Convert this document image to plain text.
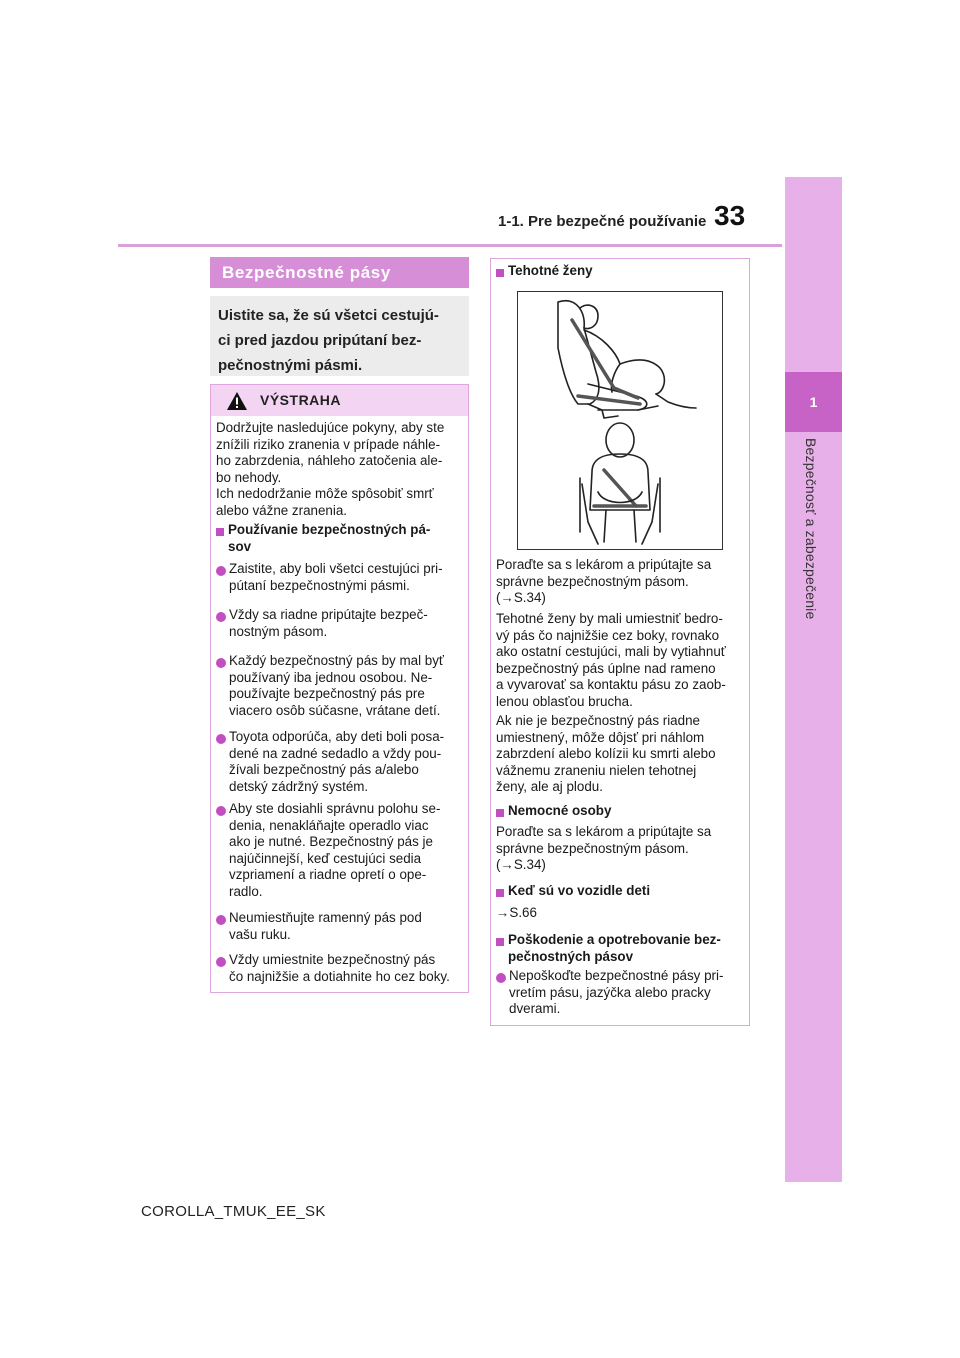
1-1. Pre bezpečné používanie 33
1
Bezpečnosť a zabezpečenie
Bezpečnostné pásy
Uistite sa, že sú všetci cestujú-
ci pred jazdou pripútaní bez-
pečnostnými pásmi.
VÝSTRAHA
Dodržujte nasledujúce pokyny, aby ste
znížili riziko zranenia v prípade náhle-
ho zabrzdenia, náhleho zatočenia ale-
bo nehody.
Ich nedodržanie môže spôsobiť smrť
alebo vážne zranenia.
Používanie bezpečnostných pá-
sov
Zaistite, aby boli všetci cestujúci pri-
pútaní bezpečnostnými pásmi.
Vždy sa riadne pripútajte bezpeč-
nostným pásom.
Každý bezpečnostný pás by mal byť
používaný iba jednou osobou. Ne-
používajte bezpečnostný pás pre
viacero osôb súčasne, vrátane detí.
Toyota odporúča, aby deti boli posa-
dené na zadné sedadlo a vždy pou-
žívali bezpečnostný pás a/alebo
detský zádržný systém.
Aby ste dosiahli správnu polohu se-
denia, nenakláňajte operadlo viac
ako je nutné. Bezpečnostný pás je
najúčinnejší, keď cestujúci sedia
vzpriamení a riadne opretí o ope-
radlo.
Neumiestňujte ramenný pás pod
vašu ruku.
Vždy umiestnite bezpečnostný pás
čo najnižšie a dotiahnite ho cez boky.
Tehotné ženy
Poraďte sa s lekárom a pripútajte sa
správne bezpečnostným pásom.
(→S.34)
Tehotné ženy by mali umiestniť bedro-
vý pás čo najnižšie cez boky, rovnako
ako ostatní cestujúci, mali by vytiahnuť
bezpečnostný pás úplne nad rameno
a vyvarovať sa kontaktu pásu zo zaob-
lenou oblasťou brucha.
Ak nie je bezpečnostný pás riadne
umiestnený, môže dôjsť pri náhlom
zabrzdení alebo kolízii ku smrti alebo
vážnemu zraneniu nielen tehotnej
ženy, ale aj plodu.
Nemocné osoby
Poraďte sa s lekárom a pripútajte sa
správne bezpečnostným pásom.
(→S.34)
Keď sú vo vozidle deti
→S.66
Poškodenie a opotrebovanie bez-
pečnostných pásov
Nepoškoďte bezpečnostné pásy pri-
vretím pásu, jazýčka alebo pracky
dverami.
COROLLA_TMUK_EE_SK
